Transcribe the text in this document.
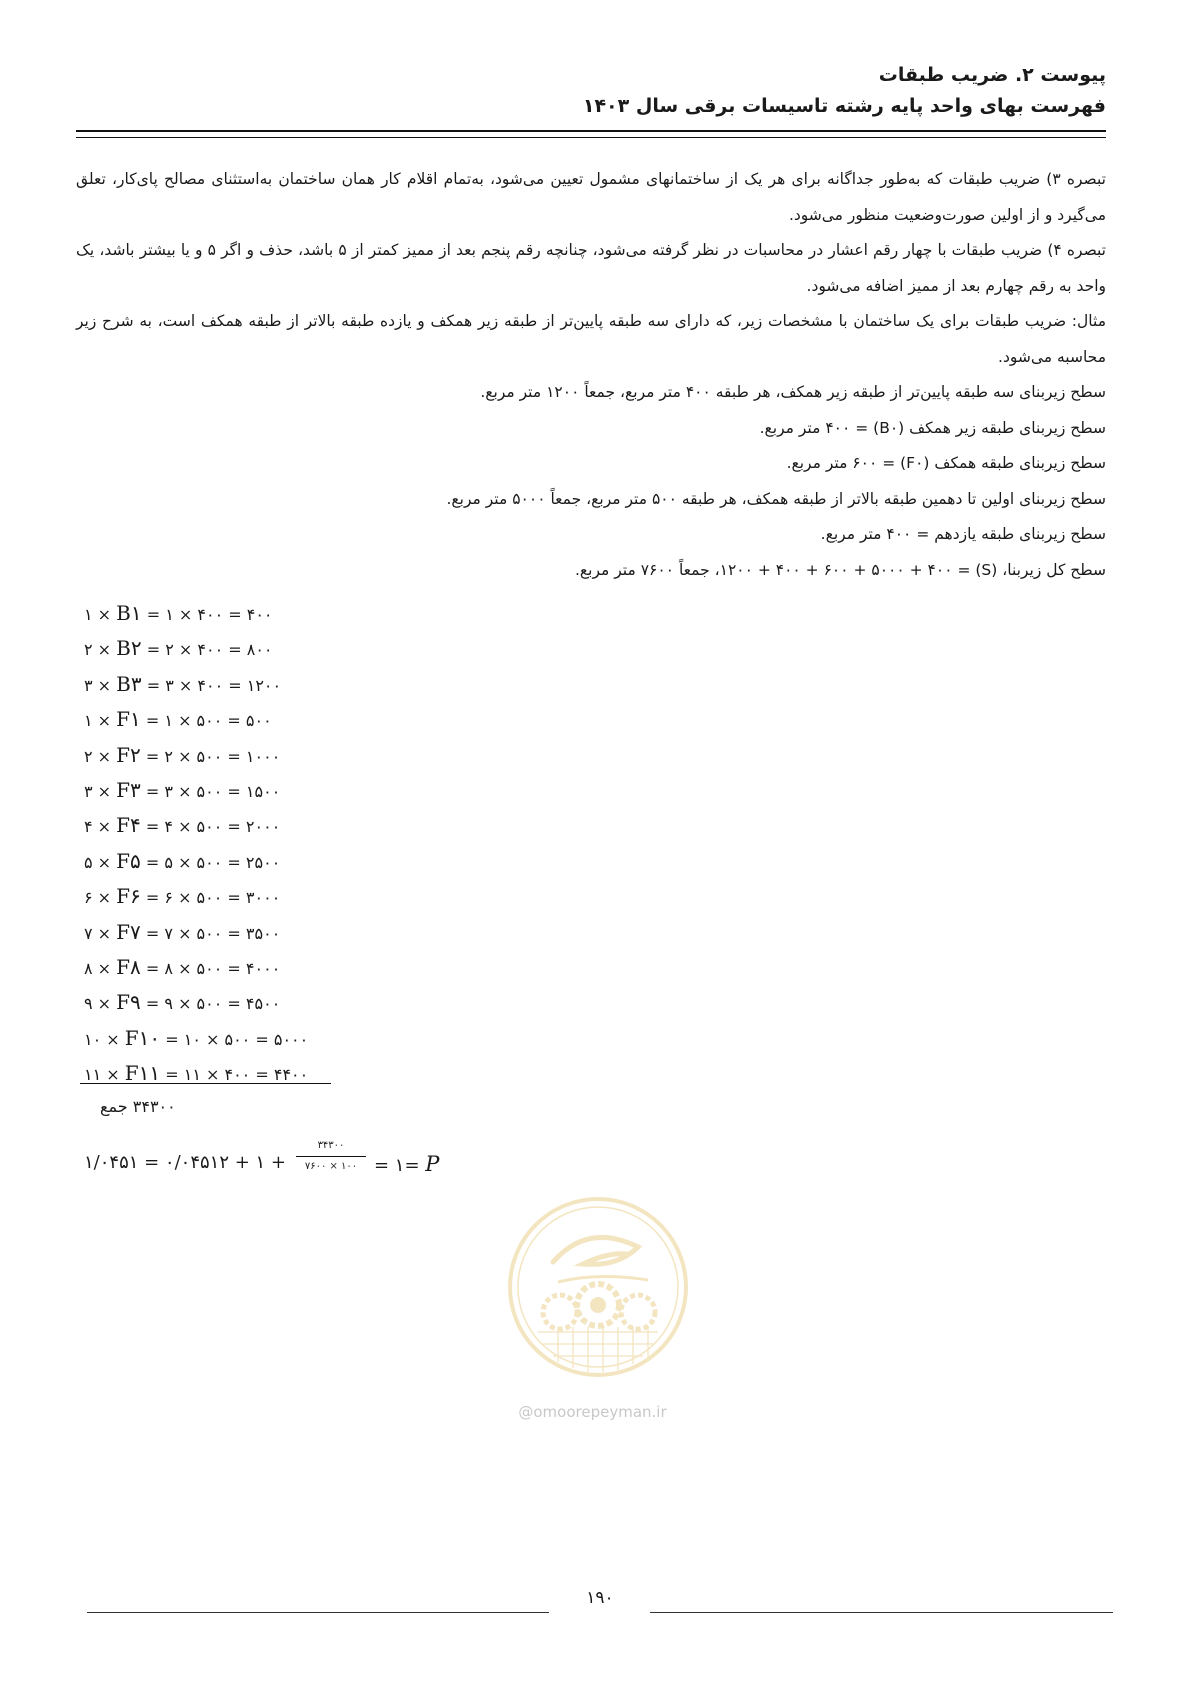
پیوست ۲. ضریب طبقات
فهرست بهای واحد پایه رشته تاسیسات برقی سال ۱۴۰۳

تبصره ۳) ضریب طبقات که به‌طور جداگانه برای هر یک از ساختمانهای مشمول تعیین می‌شود، به‌تمام اقلام کار همان ساختمان به‌استثنای مصالح پای‌کار، تعلق می‌گیرد و از اولین صورت‌وضعیت منظور می‌شود.

تبصره ۴) ضریب طبقات با چهار رقم اعشار در محاسبات در نظر گرفته می‌شود، چنانچه رقم پنجم بعد از ممیز کمتر از ۵ باشد، حذف و اگر ۵ و یا بیشتر باشد، یک واحد به رقم چهارم بعد از ممیز اضافه می‌شود.

مثال: ضریب طبقات برای یک ساختمان با مشخصات زیر، که دارای سه طبقه پایین‌تر از طبقه زیر همکف و یازده طبقه بالاتر از طبقه همکف است، به شرح زیر محاسبه می‌شود.

سطح زیربنای سه طبقه پایین‌تر از طبقه زیر همکف، هر طبقه ۴۰۰ متر مربع، جمعاً ۱۲۰۰ متر مربع.

سطح زیربنای طبقه زیر همکف (B۰) = ۴۰۰ متر مربع.

سطح زیربنای طبقه همکف (F۰) = ۶۰۰ متر مربع.

سطح زیربنای اولین تا دهمین طبقه بالاتر از طبقه همکف، هر طبقه ۵۰۰ متر مربع، جمعاً ۵۰۰۰ متر مربع.

سطح زیربنای طبقه یازدهم = ۴۰۰ متر مربع.

سطح کل زیربنا، (S) = ۱۲۰۰ + ۴۰۰ + ۶۰۰ + ۵۰۰۰ + ۴۰۰، جمعاً ۷۶۰۰ متر مربع.

۱ × B۱ = ۱ × ۴۰۰ = ۴۰۰
۲ × B۲ = ۲ × ۴۰۰ = ۸۰۰
۳ × B۳ = ۳ × ۴۰۰ = ۱۲۰۰
۱ × F۱ = ۱ × ۵۰۰ = ۵۰۰
۲ × F۲ = ۲ × ۵۰۰ = ۱۰۰۰
۳ × F۳ = ۳ × ۵۰۰ = ۱۵۰۰
۴ × F۴ = ۴ × ۵۰۰ = ۲۰۰۰
۵ × F۵ = ۵ × ۵۰۰ = ۲۵۰۰
۶ × F۶ = ۶ × ۵۰۰ = ۳۰۰۰
۷ × F۷ = ۷ × ۵۰۰ = ۳۵۰۰
۸ × F۸ = ۸ × ۵۰۰ = ۴۰۰۰
۹ × F۹ = ۹ × ۵۰۰ = ۴۵۰۰
۱۰ × F۱۰ = ۱۰ × ۵۰۰ = ۵۰۰۰
۱۱ × F۱۱ = ۱۱ × ۴۰۰ = ۴۴۰۰
۳۴۳۰۰ جمع
۱/۰۴۵۱ = ۰/۰۴۵۱۲ + ۱ +
۳۴۳۰۰
۷۶۰۰ × ۱۰۰ = ۱= P
@omoorepeyman.ir
۱۹۰
